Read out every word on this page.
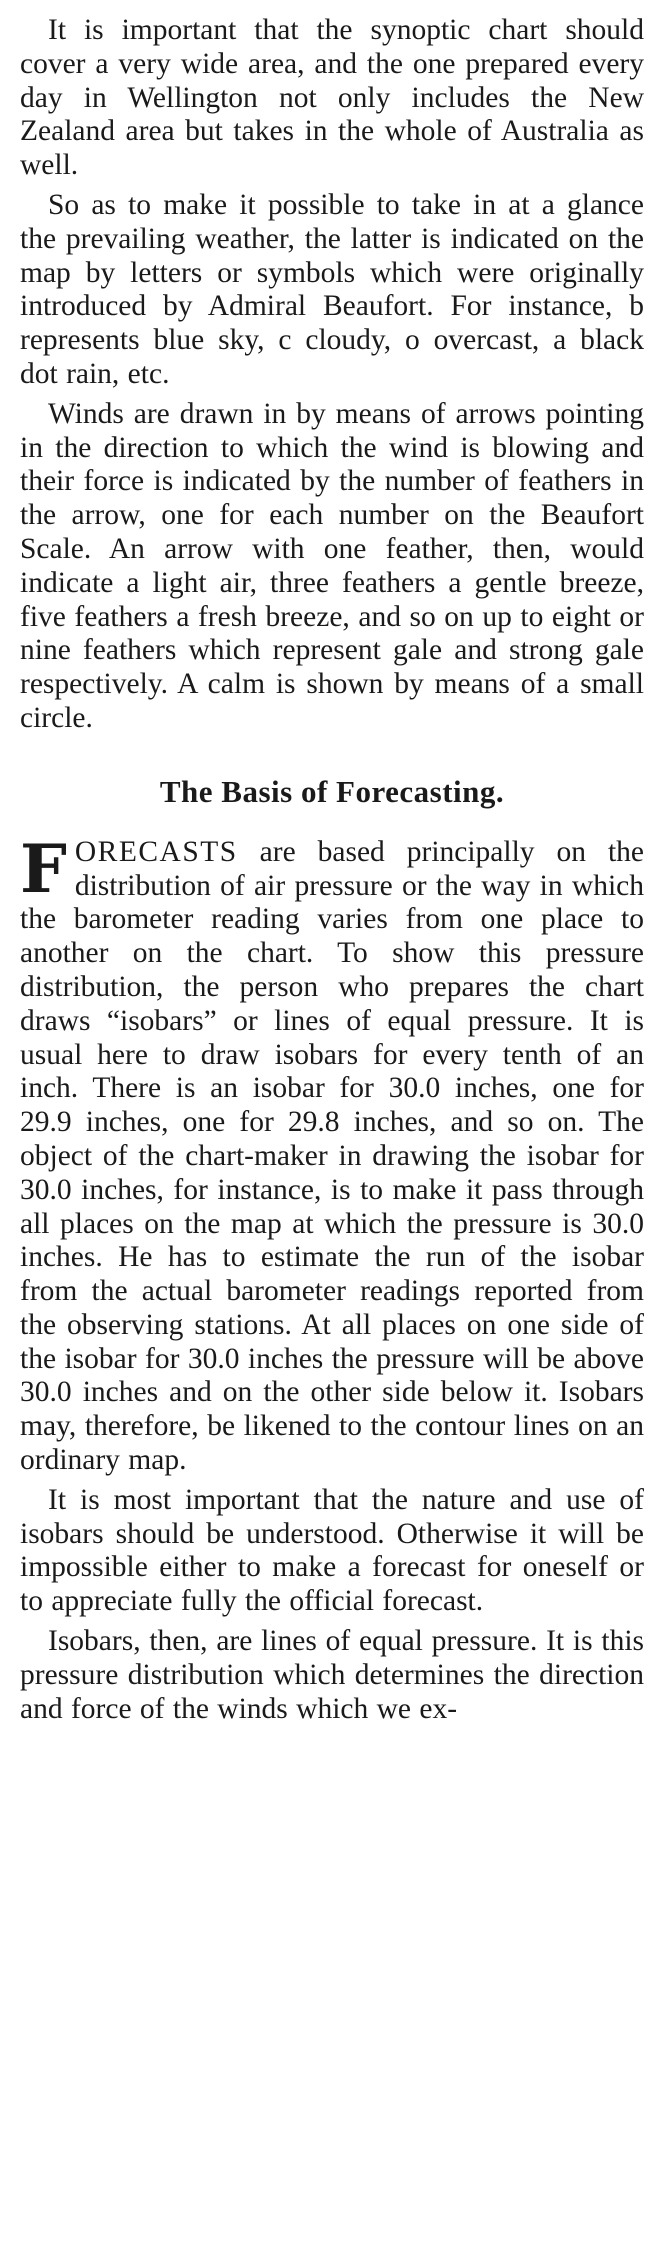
It is important that the synoptic chart should cover a very wide area, and the one prepared every day in Wellington not only includes the New Zealand area but takes in the whole of Australia as well.

So as to make it possible to take in at a glance the prevailing weather, the latter is indicated on the map by letters or symbols which were originally introduced by Admiral Beaufort. For instance, b represents blue sky, c cloudy, o overcast, a black dot rain, etc.

Winds are drawn in by means of arrows pointing in the direction to which the wind is blowing and their force is indicated by the number of feathers in the arrow, one for each number on the Beaufort Scale. An arrow with one feather, then, would indicate a light air, three feathers a gentle breeze, five feathers a fresh breeze, and so on up to eight or nine feathers which represent gale and strong gale respectively. A calm is shown by means of a small circle.

The Basis of Forecasting.

FORECASTS are based principally on the distribution of air pressure or the way in which the barometer reading varies from one place to another on the chart. To show this pressure distribution, the person who prepares the chart draws “isobars” or lines of equal pressure. It is usual here to draw isobars for every tenth of an inch. There is an isobar for 30.0 inches, one for 29.9 inches, one for 29.8 inches, and so on. The object of the chart-maker in drawing the isobar for 30.0 inches, for instance, is to make it pass through all places on the map at which the pressure is 30.0 inches. He has to estimate the run of the isobar from the actual barometer readings reported from the observing stations. At all places on one side of the isobar for 30.0 inches the pressure will be above 30.0 inches and on the other side below it. Isobars may, therefore, be likened to the contour lines on an ordinary map.

It is most important that the nature and use of isobars should be understood. Otherwise it will be impossible either to make a forecast for oneself or to appreciate fully the official forecast.

Isobars, then, are lines of equal pressure. It is this pressure distribution which determines the direction and force of the winds which we ex-
